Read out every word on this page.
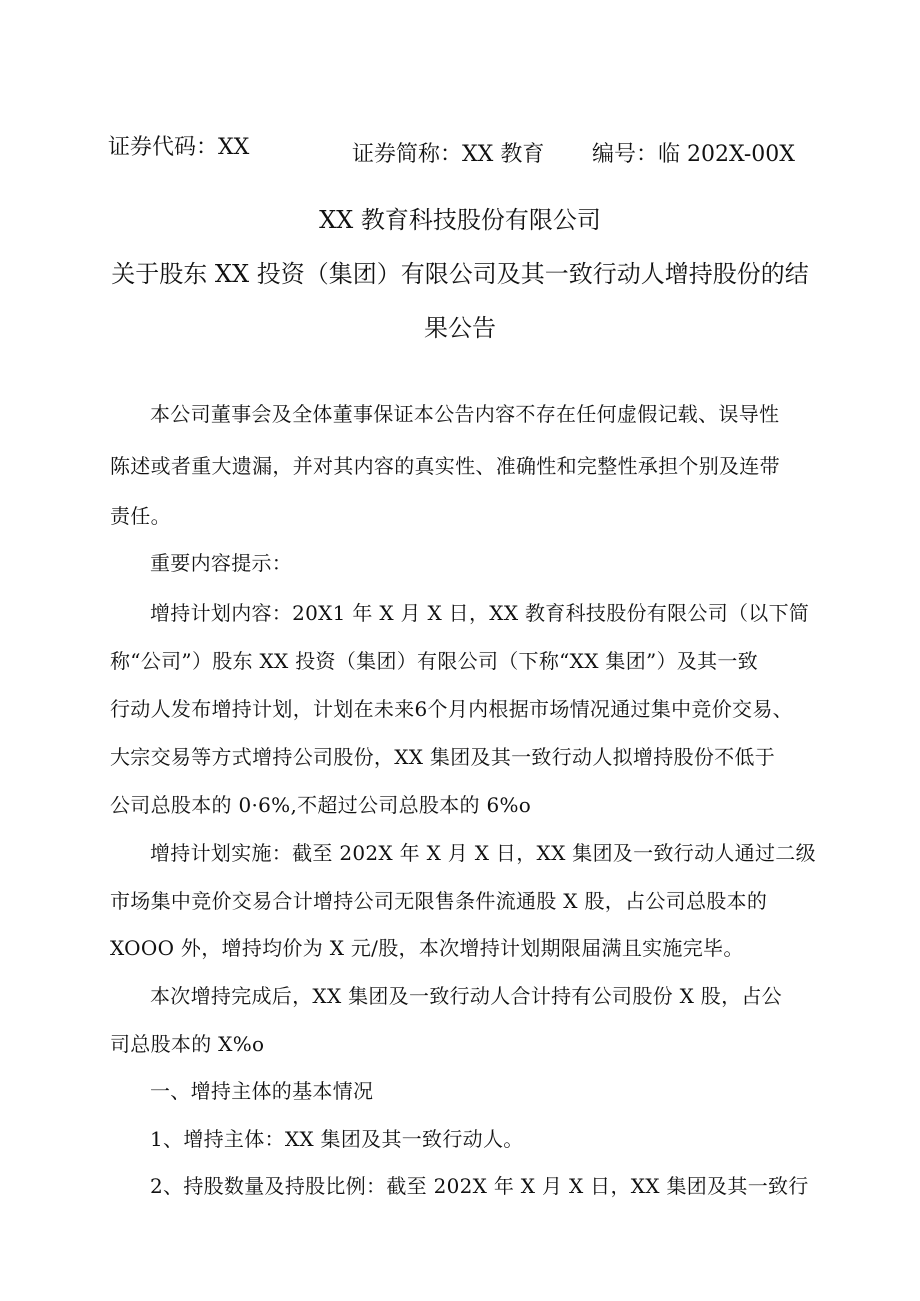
证券代码：XX	证券简称：XX 教育 编号：临 202X-00X
XX 教育科技股份有限公司
关于股东 XX 投资（集团）有限公司及其一致行动人增持股份的结
果公告
本公司董事会及全体董事保证本公告内容不存在任何虚假记载、误导性
陈述或者重大遗漏，并对其内容的真实性、准确性和完整性承担个别及连带
责任。
重要内容提示：
增持计划内容：20X1 年 X 月 X 日，XX 教育科技股份有限公司（以下简
称“公司”）股东 XX 投资（集团）有限公司（下称“XX 集团”）及其一致
行动人发布增持计划，计划在未来6个月内根据市场情况通过集中竞价交易、
大宗交易等方式增持公司股份，XX 集团及其一致行动人拟增持股份不低于
公司总股本的 0·6%,不超过公司总股本的 6%o
增持计划实施：截至 202X 年 X 月 X 日，XX 集团及一致行动人通过二级
市场集中竞价交易合计增持公司无限售条件流通股 X 股，占公司总股本的
XOOO 外，增持均价为 X 元/股，本次增持计划期限届满且实施完毕。
本次增持完成后，XX 集团及一致行动人合计持有公司股份 X 股，占公
司总股本的 X%o
一、增持主体的基本情况
1、增持主体：XX 集团及其一致行动人。
2、持股数量及持股比例：截至 202X 年 X 月 X 日，XX 集团及其一致行
